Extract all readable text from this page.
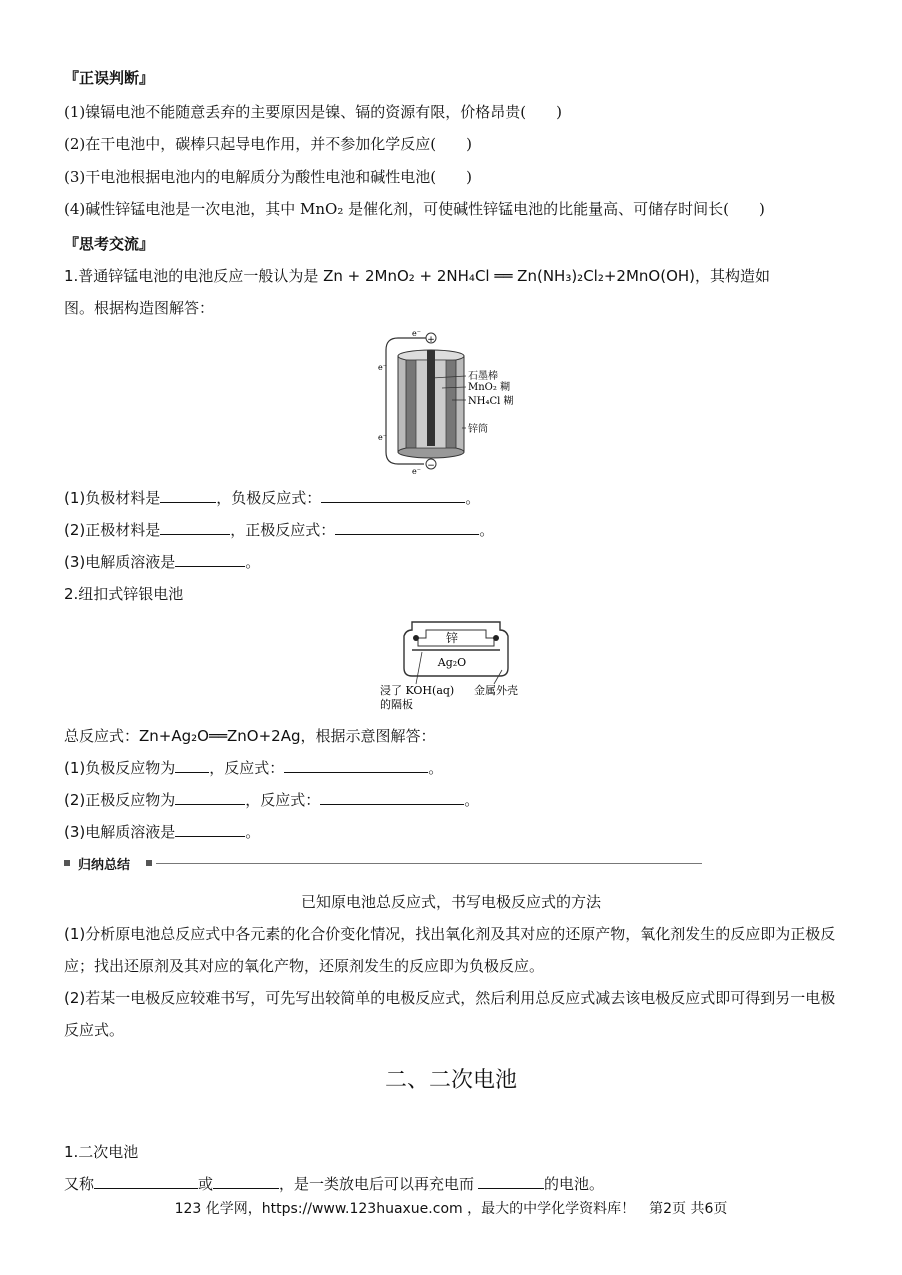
『正误判断』
(1)镍镉电池不能随意丢弃的主要原因是镍、镉的资源有限，价格昂贵(　　)
(2)在干电池中，碳棒只起导电作用，并不参加化学反应(　　)
(3)干电池根据电池内的电解质分为酸性电池和碱性电池(　　)
(4)碱性锌锰电池是一次电池，其中 MnO₂ 是催化剂，可使碱性锌锰电池的比能量高、可储存时间长(　　)
『思考交流』
1.普通锌锰电池的电池反应一般认为是 Zn + 2MnO₂ + 2NH₄Cl ══ Zn(NH₃)₂Cl₂+2MnO(OH)，其构造如
图。根据构造图解答：
+
−
e⁻
e⁻
e⁻
e⁻
石墨棒
MnO₂ 糊
NH₄Cl 糊
锌筒
(1)负极材料是	，负极反应式：	。
(2)正极材料是	，正极反应式：	。
(3)电解质溶液是	。
2.纽扣式锌银电池
锌
Ag₂O
浸了 KOH(aq)
的隔板
金属外壳
总反应式：Zn+Ag₂O══ZnO+2Ag，根据示意图解答：
(1)负极反应物为 ，反应式：	。
(2)正极反应物为	，反应式：	。
(3)电解质溶液是	。
归纳总结
已知原电池总反应式，书写电极反应式的方法
(1)分析原电池总反应式中各元素的化合价变化情况，找出氧化剂及其对应的还原产物，氧化剂发生的反应即为正极反应；找出还原剂及其对应的氧化产物，还原剂发生的反应即为负极反应。
(2)若某一电极反应较难书写，可先写出较简单的电极反应式，然后利用总反应式减去该电极反应式即可得到另一电极反应式。
二、二次电池
1.二次电池
又称	或	，是一类放电后可以再充电而	的电池。
123 化学网，https://www.123huaxue.com ，最大的中学化学资料库！　第2页 共6页
